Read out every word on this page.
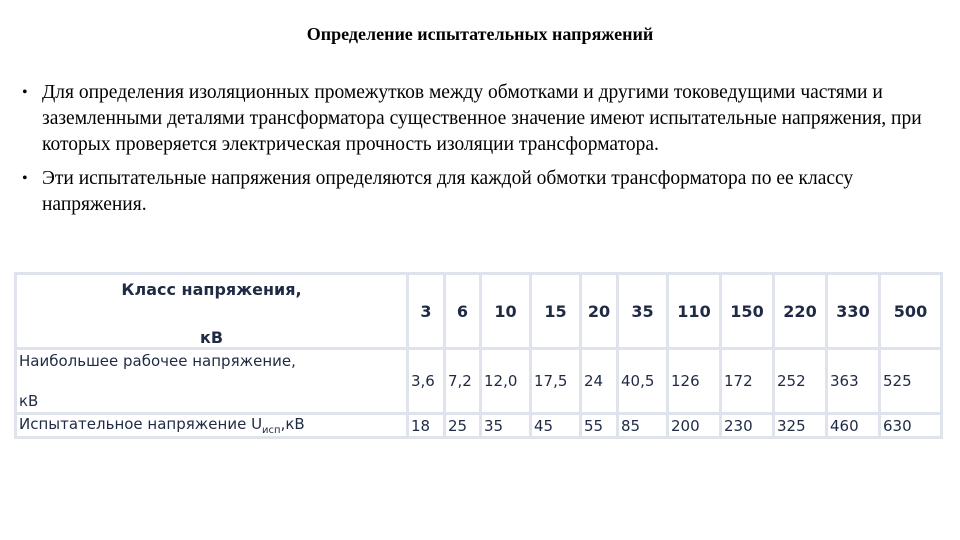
Определение испытательных напряжений
• Для определения изоляционных промежутков между обмотками и другими токоведущими частями и заземленными деталями трансформатора существенное значение имеют испытательные напряжения, при которых проверяется электрическая прочность изоляции трансформатора.
• Эти испытательные напряжения определяются для каждой обмотки трансформатора по ее классу напряжения.
Класс напряжения,
кВ	3	6	10	15	20	35	110	150	220	330	500

Наибольшее рабочее напряжение,
кВ	3,6	7,2	12,0	17,5	24	40,5	126	172	252	363	525
Испытательное напряжение $U_{исп},кВ$	18	25	35	45	55	85	200	230	325	460	630
